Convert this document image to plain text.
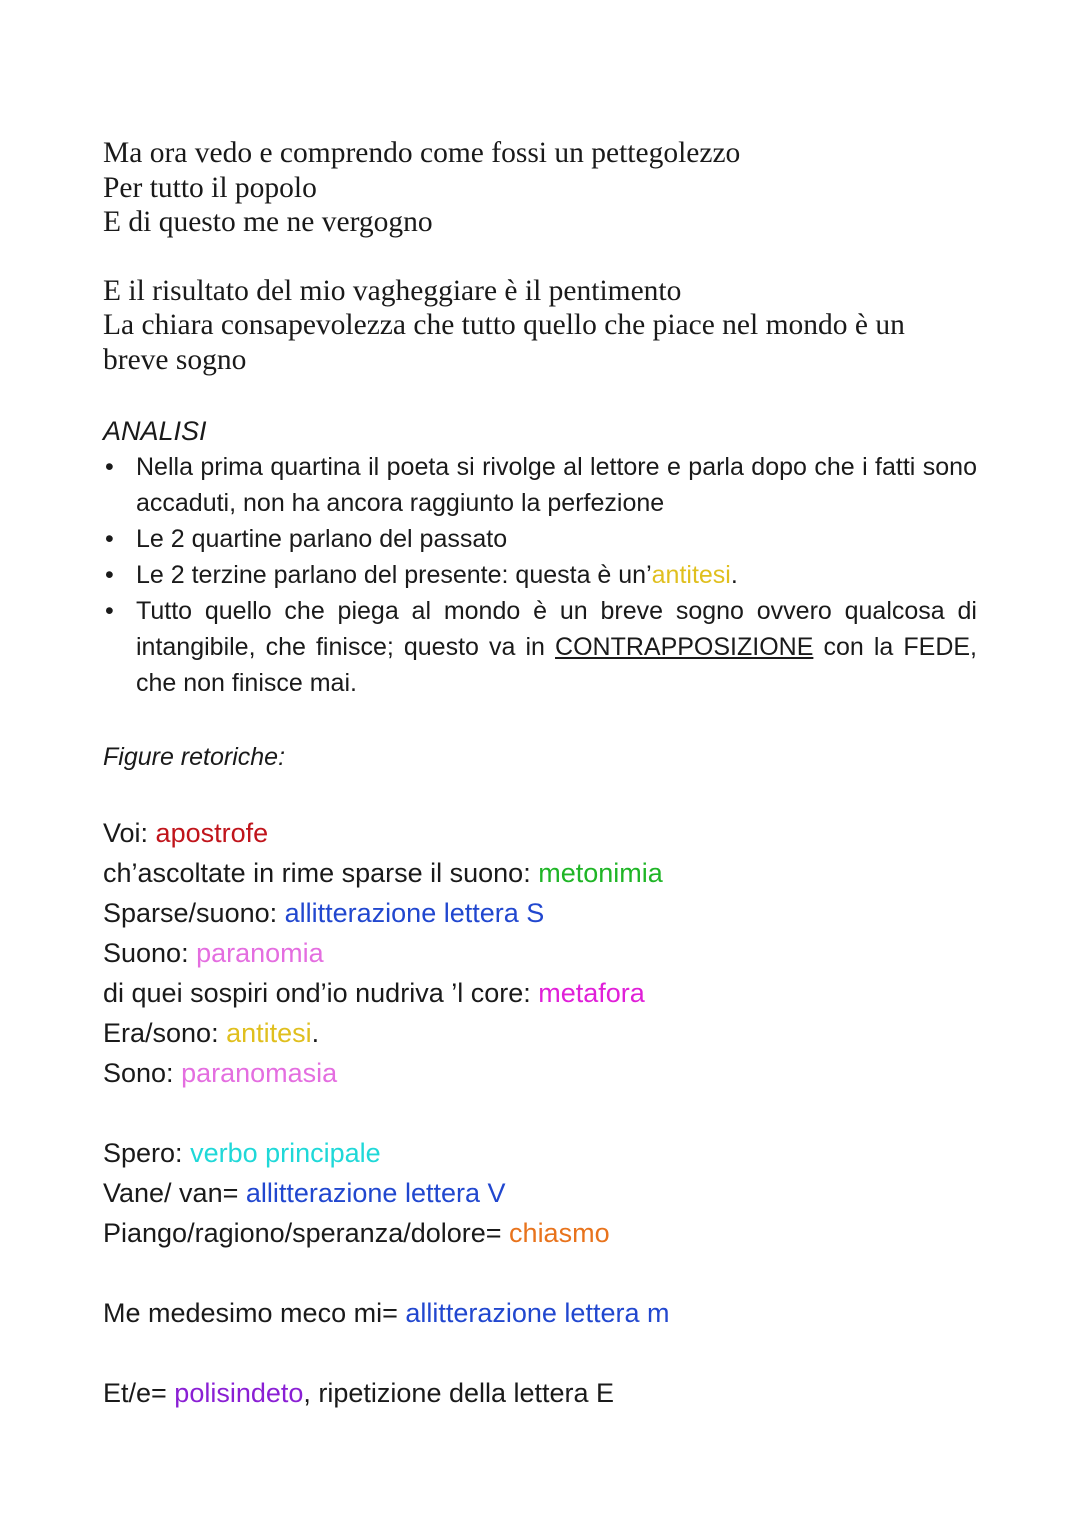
Ma ora vedo e comprendo come fossi un pettegolezzo

Per tutto il popolo

E di questo me ne vergogno

E il risultato del mio vagheggiare è il pentimento

La chiara consapevolezza che tutto quello che piace nel mondo è un breve sogno

ANALISI
• Nella prima quartina il poeta si rivolge al lettore e parla dopo che i fatti sono accaduti, non ha ancora raggiunto la perfezione
• Le 2 quartine parlano del passato
• Le 2 terzine parlano del presente: questa è un’antitesi.
• Tutto quello che piega al mondo è un breve sogno ovvero qualcosa di intangibile, che finisce; questo va in CONTRAPPOSIZIONE con la FEDE, che non finisce mai.
Figure retoriche:

Voi: apostrofe

ch’ascoltate in rime sparse il suono: metonimia

Sparse/suono: allitterazione lettera S

Suono: paranomia

di quei sospiri ond’io nudriva ’l core: metafora

Era/sono: antitesi.

Sono: paranomasia

Spero: verbo principale

Vane/ van= allitterazione lettera V

Piango/ragiono/speranza/dolore= chiasmo

Me medesimo meco mi= allitterazione lettera m

Et/e= polisindeto, ripetizione della lettera E
